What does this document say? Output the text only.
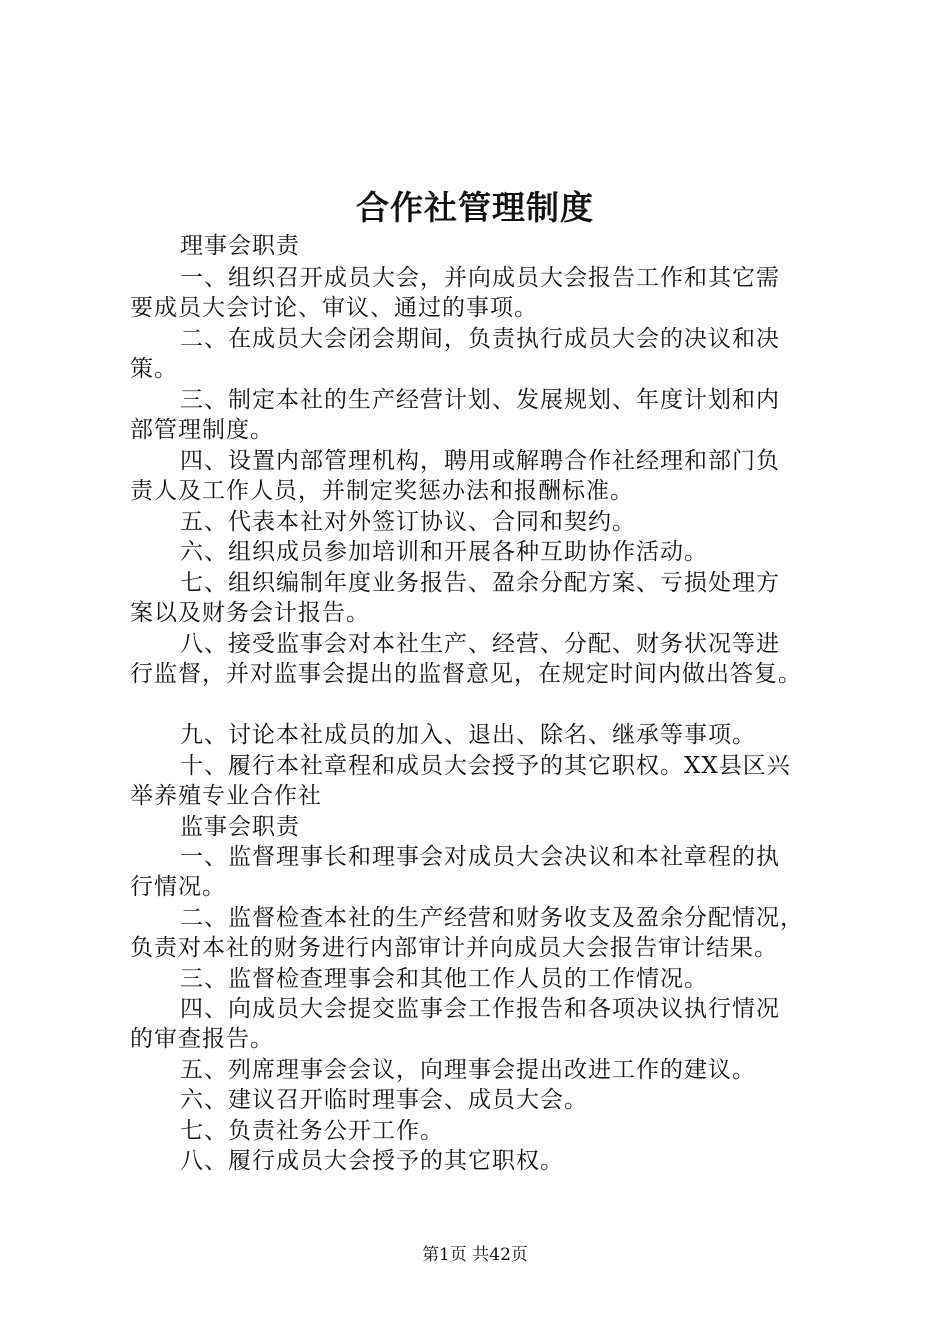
合作社管理制度
理事会职责
一、组织召开成员大会，并向成员大会报告工作和其它需
要成员大会讨论、审议、通过的事项。
二、在成员大会闭会期间，负责执行成员大会的决议和决
策。
三、制定本社的生产经营计划、发展规划、年度计划和内
部管理制度。
四、设置内部管理机构，聘用或解聘合作社经理和部门负
责人及工作人员，并制定奖惩办法和报酬标准。
五、代表本社对外签订协议、合同和契约。
六、组织成员参加培训和开展各种互助协作活动。
七、组织编制年度业务报告、盈余分配方案、亏损处理方
案以及财务会计报告。
八、接受监事会对本社生产、经营、分配、财务状况等进
行监督，并对监事会提出的监督意见，在规定时间内做出答复。
九、讨论本社成员的加入、退出、除名、继承等事项。
十、履行本社章程和成员大会授予的其它职权。XX县区兴
举养殖专业合作社
监事会职责
一、监督理事长和理事会对成员大会决议和本社章程的执
行情况。
二、监督检查本社的生产经营和财务收支及盈余分配情况，
负责对本社的财务进行内部审计并向成员大会报告审计结果。
三、监督检查理事会和其他工作人员的工作情况。
四、向成员大会提交监事会工作报告和各项决议执行情况
的审查报告。
五、列席理事会会议，向理事会提出改进工作的建议。
六、建议召开临时理事会、成员大会。
七、负责社务公开工作。
八、履行成员大会授予的其它职权。
第1页 共42页
